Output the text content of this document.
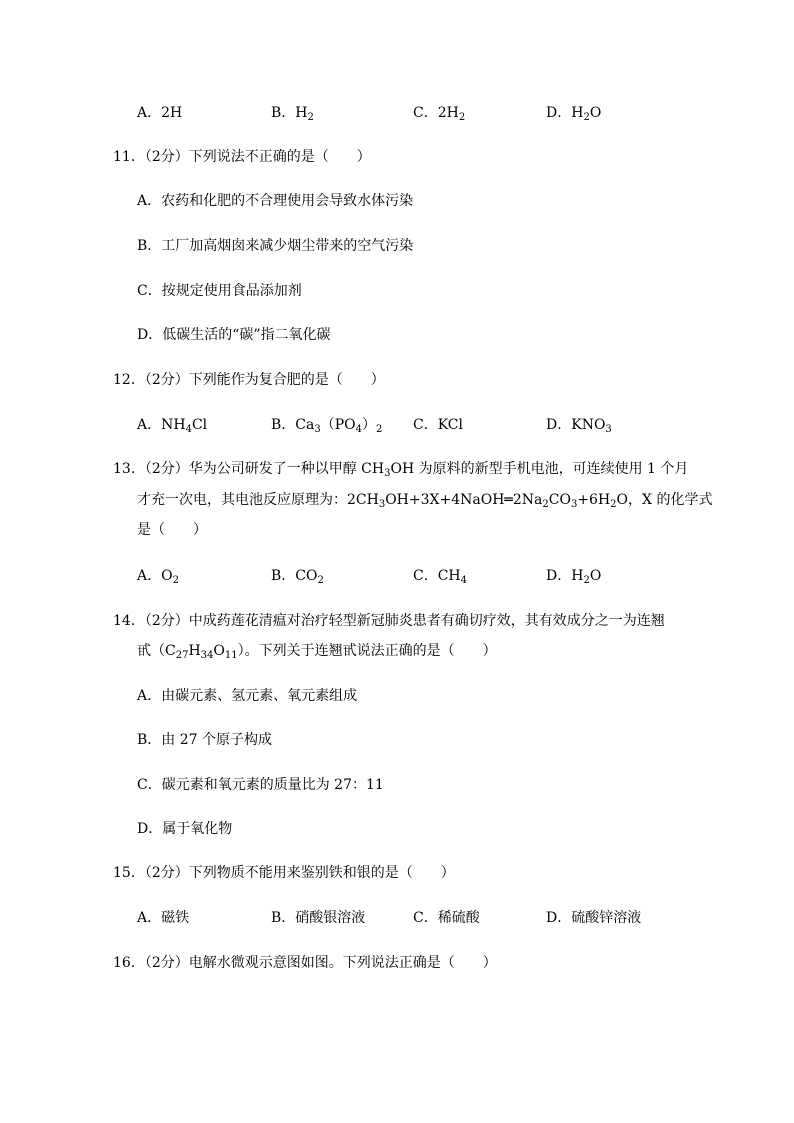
A．2H	B．$H_2$	C．$2H_2$	D．$H_2O$
11．（2分）下列说法不正确的是（　　）
A．农药和化肥的不合理使用会导致水体污染
B．工厂加高烟囱来减少烟尘带来的空气污染
C．按规定使用食品添加剂
D．低碳生活的“碳”指二氧化碳
12．（2分）下列能作为复合肥的是（　　）
A．$NH_4Cl$	B．$Ca_3(PO_4)_2$ C．KCl	D．$KNO_3$
13．（2分）华为公司研发了一种以甲醇 $CH_3OH$ 为原料的新型手机电池，可连续使用 1 个月
才充一次电，其电池反应原理为：$2CH_3OH+3X+4NaOH═2Na_2CO_3+6H_2O$，X 的化学式
是（　　）
A．$O_2$	B．$CO_2$	C．$CH_4$	D．$H_2O$
14．（2分）中成药莲花清瘟对治疗轻型新冠肺炎患者有确切疗效，其有效成分之一为连翘
甙$(C_{27}H_{34}O_{11})$。下列关于连翘甙说法正确的是（　　）
A．由碳元素、氢元素、氧元素组成
B．由 27 个原子构成
C．碳元素和氧元素的质量比为 27：11
D．属于氧化物
15．（2分）下列物质不能用来鉴别铁和银的是（　　）
A．磁铁	B．硝酸银溶液	C．稀硫酸	D．硫酸锌溶液
16．（2分）电解水微观示意图如图。下列说法正确是（　　）
